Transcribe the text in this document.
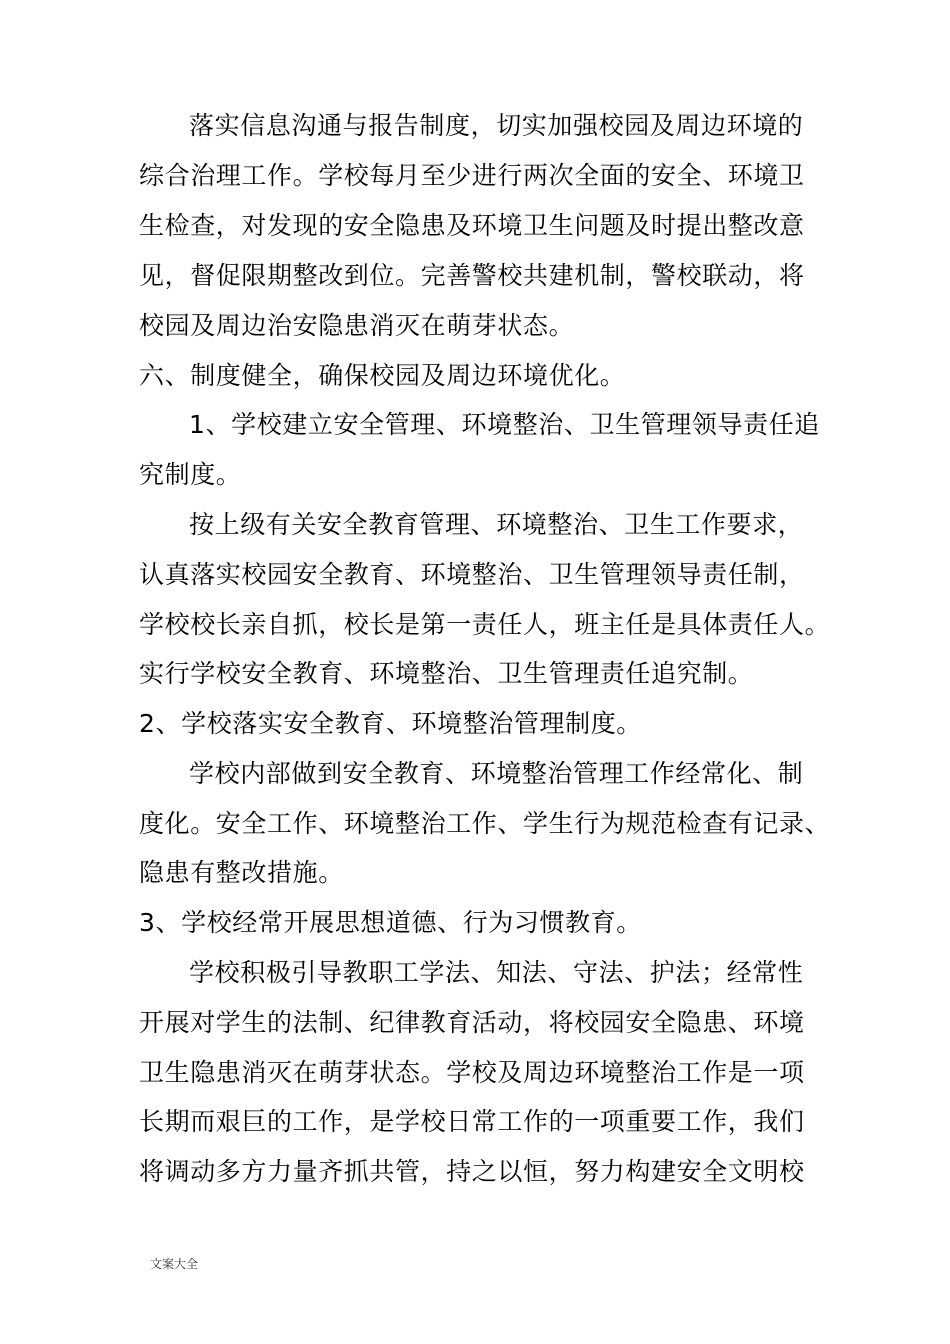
落实信息沟通与报告制度，切实加强校园及周边环境的
综合治理工作。学校每月至少进行两次全面的安全、环境卫
生检查，对发现的安全隐患及环境卫生问题及时提出整改意
见，督促限期整改到位。完善警校共建机制，警校联动，将
校园及周边治安隐患消灭在萌芽状态。
六、制度健全，确保校园及周边环境优化。
1、学校建立安全管理、环境整治、卫生管理领导责任追
究制度。
按上级有关安全教育管理、环境整治、卫生工作要求，
认真落实校园安全教育、环境整治、卫生管理领导责任制，
学校校长亲自抓，校长是第一责任人，班主任是具体责任人。
实行学校安全教育、环境整治、卫生管理责任追究制。
2、学校落实安全教育、环境整治管理制度。
学校内部做到安全教育、环境整治管理工作经常化、制
度化。安全工作、环境整治工作、学生行为规范检查有记录、
隐患有整改措施。
3、学校经常开展思想道德、行为习惯教育。
学校积极引导教职工学法、知法、守法、护法；经常性
开展对学生的法制、纪律教育活动，将校园安全隐患、环境
卫生隐患消灭在萌芽状态。学校及周边环境整治工作是一项
长期而艰巨的工作，是学校日常工作的一项重要工作，我们
将调动多方力量齐抓共管，持之以恒，努力构建安全文明校
文案大全
